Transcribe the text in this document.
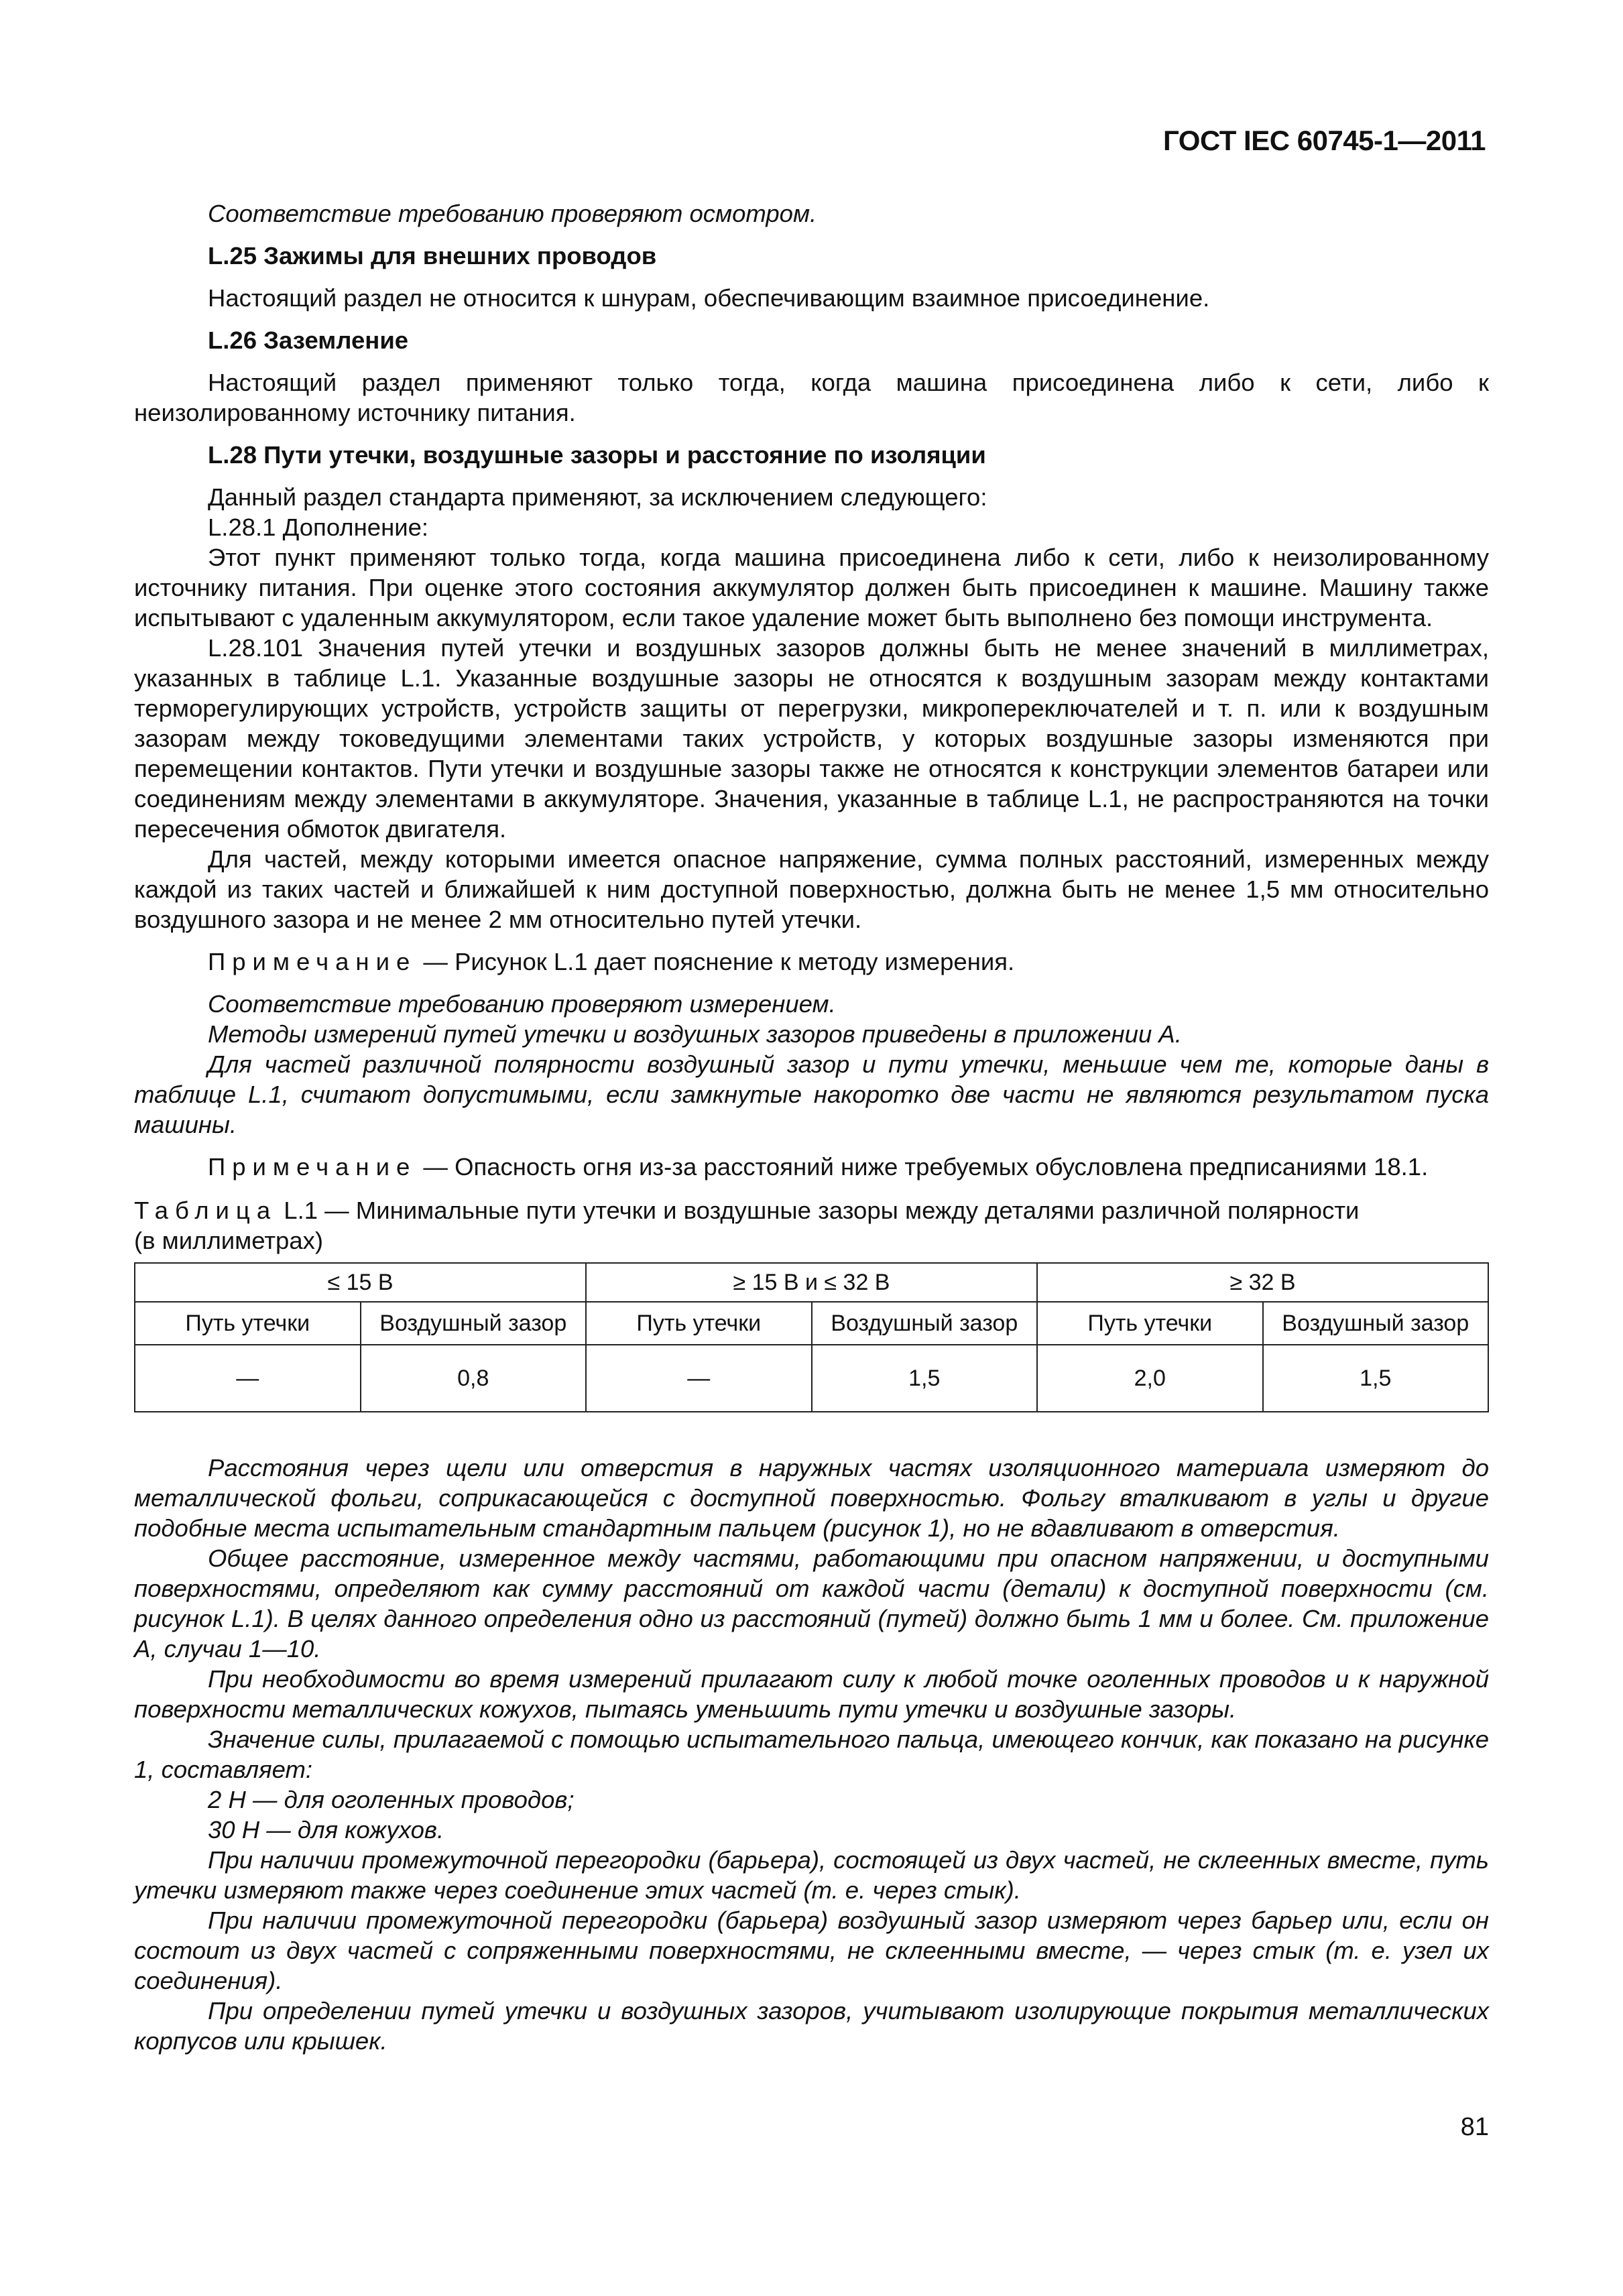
ГОСТ IEC 60745-1—2011

Соответствие требованию проверяют осмотром.

L.25 Зажимы для внешних проводов

Настоящий раздел не относится к шнурам, обеспечивающим взаимное присоединение.

L.26 Заземление

Настоящий раздел применяют только тогда, когда машина присоединена либо к сети, либо к неизолированному источнику питания.

L.28 Пути утечки, воздушные зазоры и расстояние по изоляции

Данный раздел стандарта применяют, за исключением следующего:

L.28.1 Дополнение:

Этот пункт применяют только тогда, когда машина присоединена либо к сети, либо к неизолированному источнику питания. При оценке этого состояния аккумулятор должен быть присоединен к машине. Машину также испытывают с удаленным аккумулятором, если такое удаление может быть выполнено без помощи инструмента.

L.28.101 Значения путей утечки и воздушных зазоров должны быть не менее значений в миллиметрах, указанных в таблице L.1. Указанные воздушные зазоры не относятся к воздушным зазорам между контактами терморегулирующих устройств, устройств защиты от перегрузки, микропереключателей и т. п. или к воздушным зазорам между токоведущими элементами таких устройств, у которых воздушные зазоры изменяются при перемещении контактов. Пути утечки и воздушные зазоры также не относятся к конструкции элементов батареи или соединениям между элементами в аккумуляторе. Значения, указанные в таблице L.1, не распространяются на точки пересечения обмоток двигателя.

Для частей, между которыми имеется опасное напряжение, сумма полных расстояний, измеренных между каждой из таких частей и ближайшей к ним доступной поверхностью, должна быть не менее 1,5 мм относительно воздушного зазора и не менее 2 мм относительно путей утечки.

Примечание — Рисунок L.1 дает пояснение к методу измерения.

Соответствие требованию проверяют измерением.

Методы измерений путей утечки и воздушных зазоров приведены в приложении А.

Для частей различной полярности воздушный зазор и пути утечки, меньшие чем те, которые даны в таблице L.1, считают допустимыми, если замкнутые накоротко две части не являются результатом пуска машины.

Примечание — Опасность огня из-за расстояний ниже требуемых обусловлена предписаниями 18.1.

Таблица L.1 — Минимальные пути утечки и воздушные зазоры между деталями различной полярности

(в миллиметрах)

≤ 15 В		≥ 15 В и ≤ 32 В		≥ 32 В	
Путь утечки	Воздушный зазор	Путь утечки	Воздушный зазор	Путь утечки	Воздушный зазор
—	0,8	—	1,5	2,0	1,5

Расстояния через щели или отверстия в наружных частях изоляционного материала измеряют до металлической фольги, соприкасающейся с доступной поверхностью. Фольгу вталкивают в углы и другие подобные места испытательным стандартным пальцем (рисунок 1), но не вдавливают в отверстия.

Общее расстояние, измеренное между частями, работающими при опасном напряжении, и доступными поверхностями, определяют как сумму расстояний от каждой части (детали) к доступной поверхности (см. рисунок L.1). В целях данного определения одно из расстояний (путей) должно быть 1 мм и более. См. приложение А, случаи 1—10.

При необходимости во время измерений прилагают силу к любой точке оголенных проводов и к наружной поверхности металлических кожухов, пытаясь уменьшить пути утечки и воздушные зазоры.

Значение силы, прилагаемой с помощью испытательного пальца, имеющего кончик, как показано на рисунке 1, составляет:

2 Н — для оголенных проводов;

30 Н — для кожухов.

При наличии промежуточной перегородки (барьера), состоящей из двух частей, не склеенных вместе, путь утечки измеряют также через соединение этих частей (т. е. через стык).

При наличии промежуточной перегородки (барьера) воздушный зазор измеряют через барьер или, если он состоит из двух частей с сопряженными поверхностями, не склеенными вместе, — через стык (т. е. узел их соединения).

При определении путей утечки и воздушных зазоров, учитывают изолирующие покрытия металлических корпусов или крышек.

81
